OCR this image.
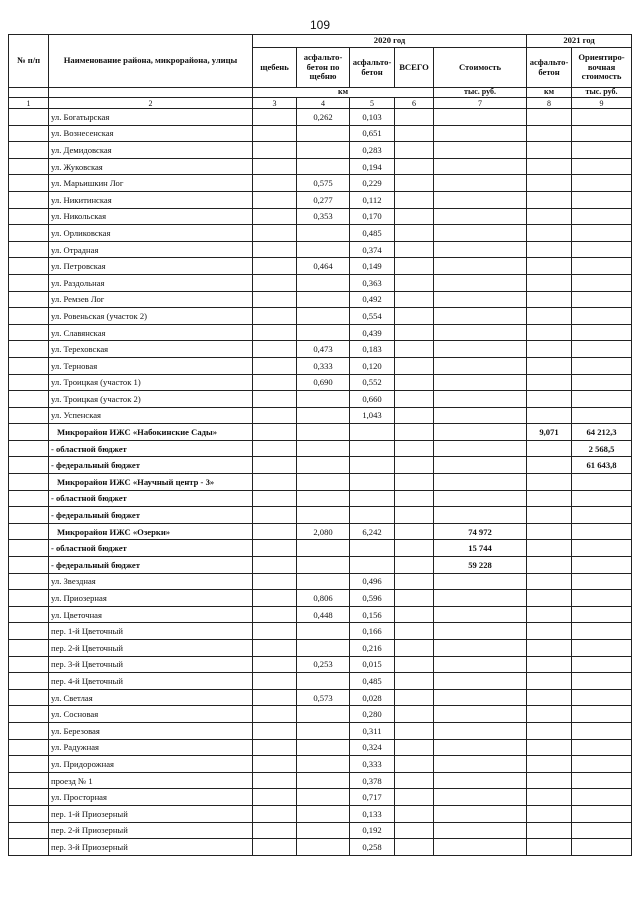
109
№ п/п	Наименование района, микрорайона, улицы	2020 год					2021 год	
		щебень	асфальто-бетон по щебню	асфальто-бетон	ВСЕГО	Стоимость	асфальто-бетон	Ориентиро-вочная стоимость
		км				тыс. руб.	км	тыс. руб.
1	2	3	4	5	6	7	8	9
	ул. Богатырская		0,262	0,103				
	ул. Вознесенская			0,651				
	ул. Демидовская			0,283				
	ул. Жуковская			0,194				
	ул. Марьишкин Лог		0,575	0,229				
	ул. Никитинская		0,277	0,112				
	ул. Никольская		0,353	0,170				
	ул. Орликовская			0,485				
	ул. Отрадная			0,374				
	ул. Петровская		0,464	0,149				
	ул. Раздольная			0,363				
	ул. Ремзев Лог			0,492				
	ул. Ровеньская (участок 2)			0,554				
	ул. Славянская			0,439				
	ул. Тереховская		0,473	0,183				
	ул. Терновая		0,333	0,120				
	ул. Троицкая (участок 1)		0,690	0,552				
	ул. Троицкая (участок 2)			0,660				
	ул. Успенская			1,043				
	Микрорайон ИЖС «Набокинские Сады»						9,071	64 212,3
	- областной бюджет							2 568,5
	- федеральный бюджет							61 643,8
	Микрорайон ИЖС «Научный центр - 3»							
	- областной бюджет							
	- федеральный бюджет							
	Микрорайон ИЖС «Озерки»		2,080	6,242		74 972		
	- областной бюджет					15 744		
	- федеральный бюджет					59 228		
	ул. Звездная			0,496				
	ул. Приозерная		0,806	0,596				
	ул. Цветочная		0,448	0,156				
	пер. 1-й Цветочный			0,166				
	пер. 2-й Цветочный			0,216				
	пер. 3-й Цветочный		0,253	0,015				
	пер. 4-й Цветочный			0,485				
	ул. Светлая		0,573	0,028				
	ул. Сосновая			0,280				
	ул. Березовая			0,311				
	ул. Радужная			0,324				
	ул. Придорожная			0,333				
	проезд № 1			0,378				
	ул. Просторная			0,717				
	пер. 1-й Приозерный			0,133				
	пер. 2-й Приозерный			0,192				
	пер. 3-й Приозерный			0,258				
